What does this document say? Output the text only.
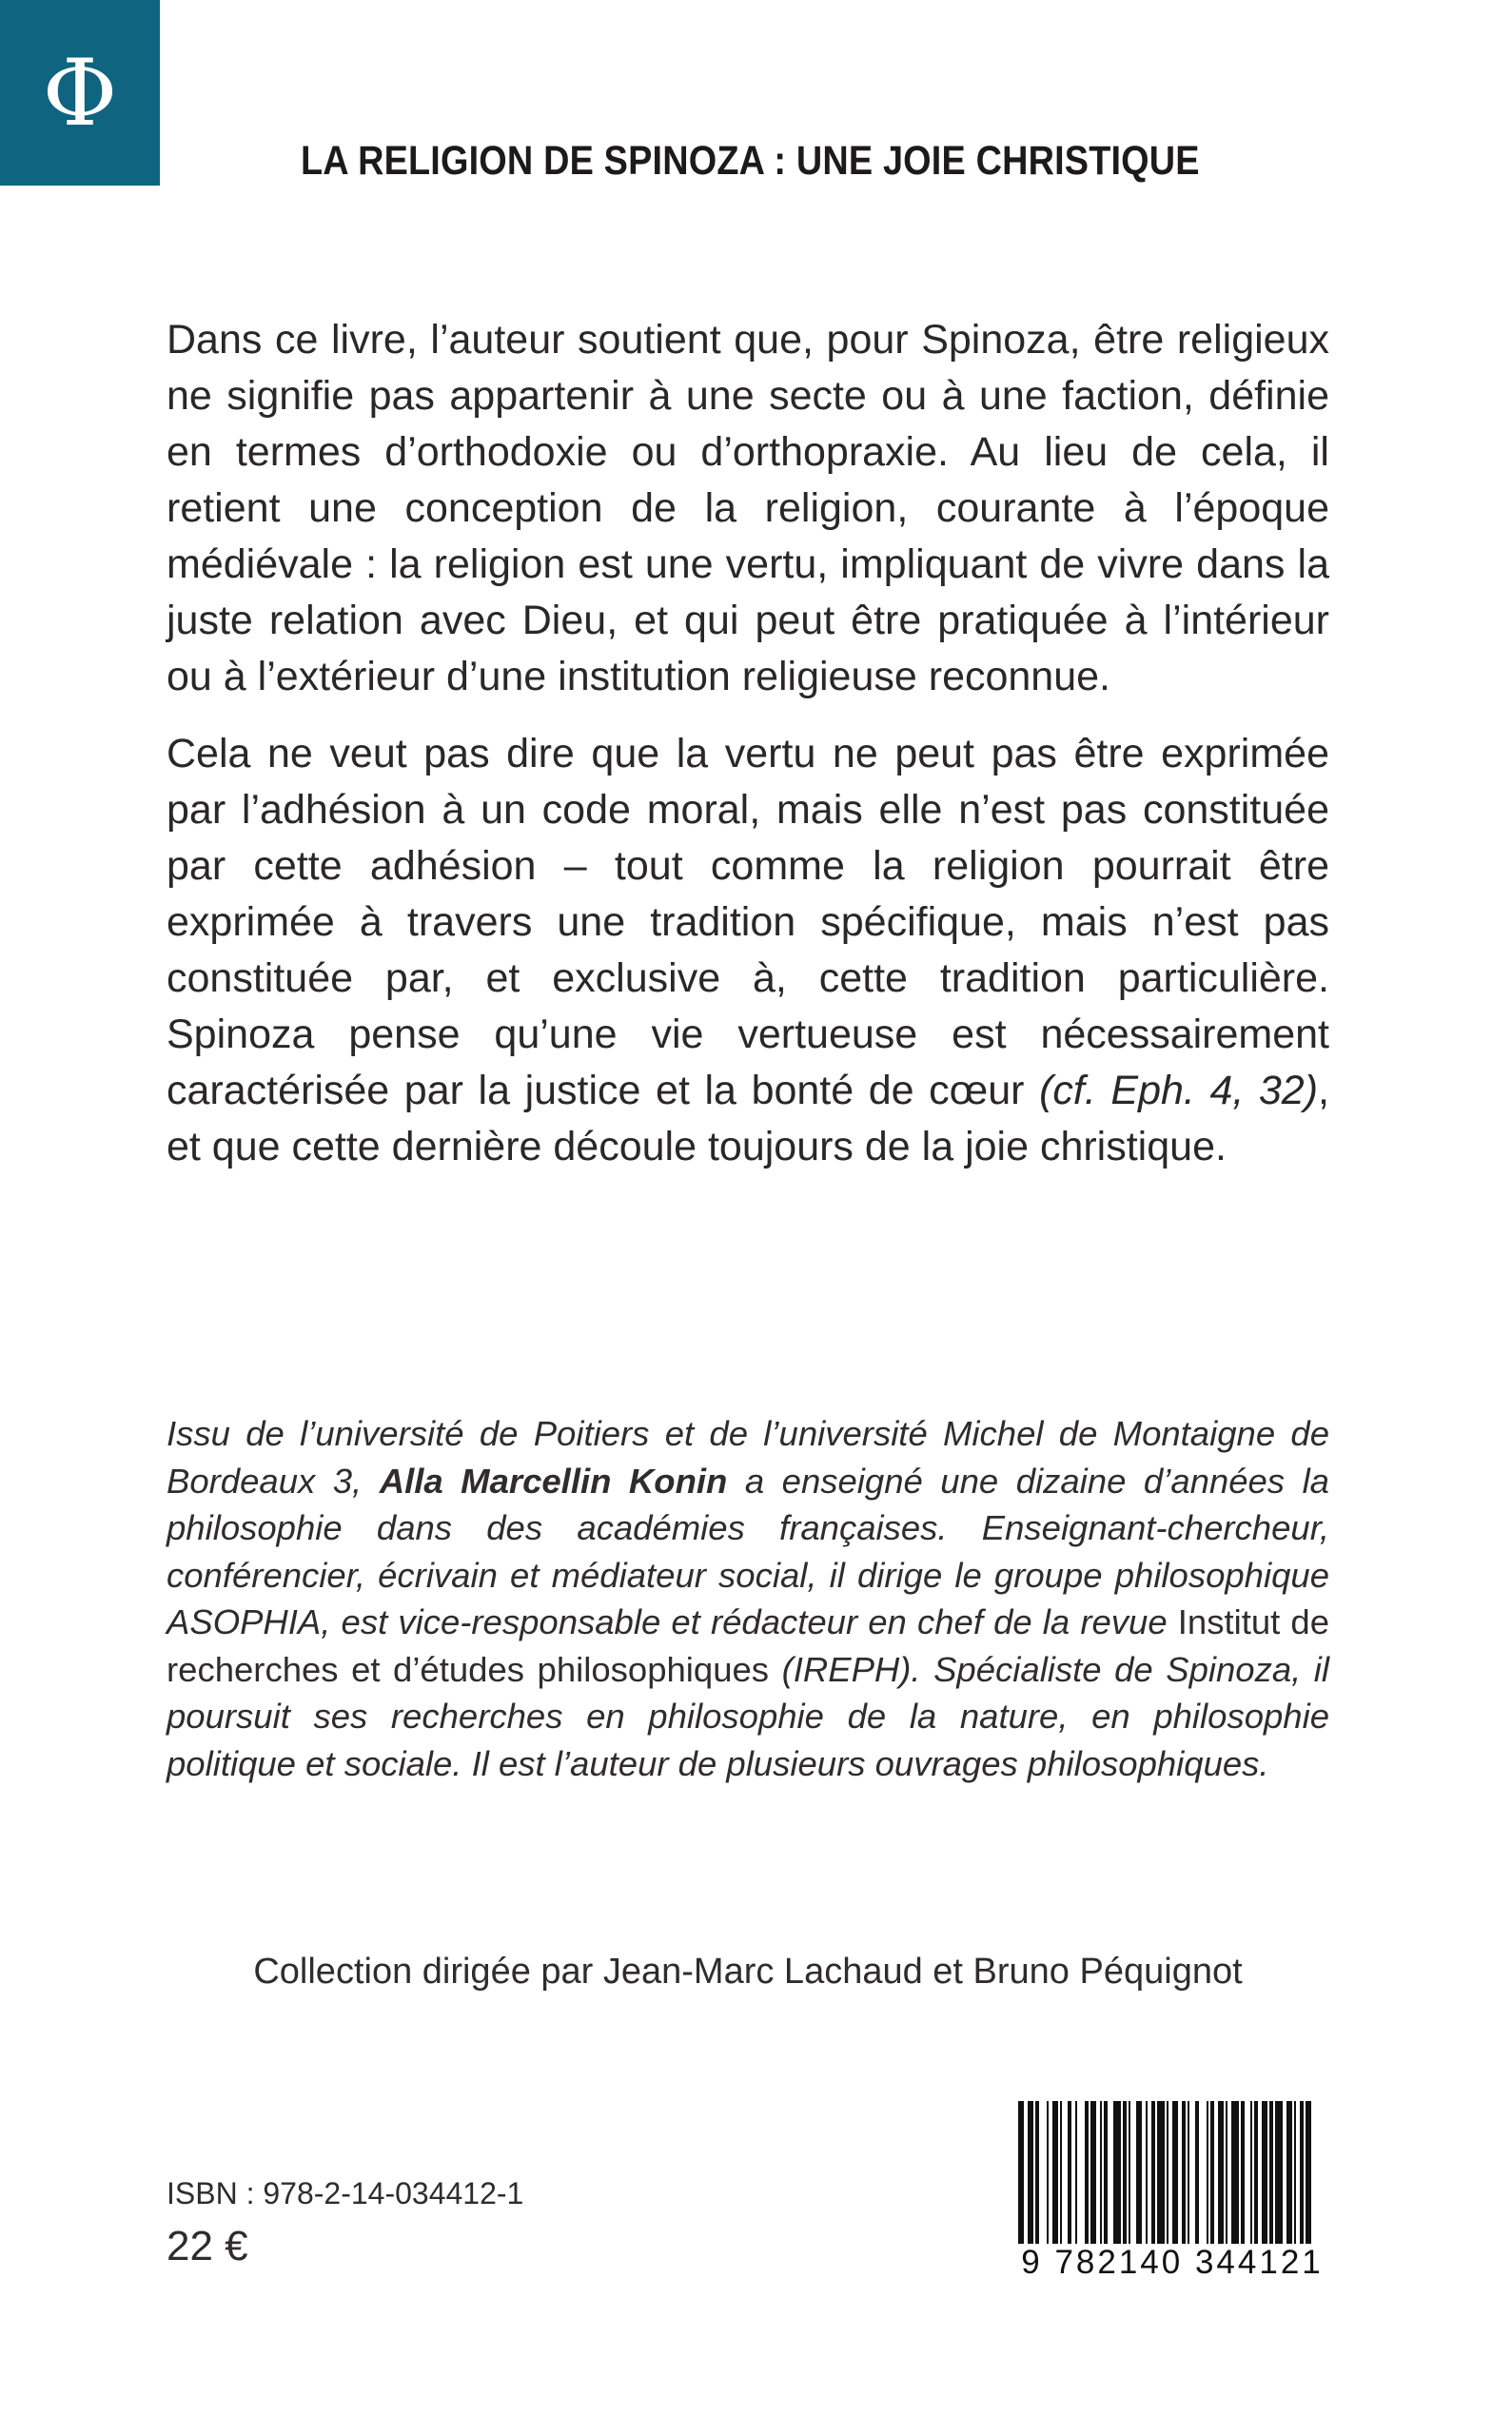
Φ
LA RELIGION DE SPINOZA : UNE JOIE CHRISTIQUE

Dans ce livre, l’auteur soutient que, pour Spinoza, être religieux ne signifie pas appartenir à une secte ou à une faction, définie en termes d’orthodoxie ou d’orthopraxie. Au lieu de cela, il retient une conception de la religion, courante à l’époque médiévale : la religion est une vertu, impliquant de vivre dans la juste relation avec Dieu, et qui peut être pratiquée à l’intérieur ou à l’extérieur d’une institution religieuse reconnue.

Cela ne veut pas dire que la vertu ne peut pas être exprimée par l’adhésion à un code moral, mais elle n’est pas constituée par cette adhésion – tout comme la religion pourrait être exprimée à travers une tradition spécifique, mais n’est pas constituée par, et exclusive à, cette tradition particulière. Spinoza pense qu’une vie vertueuse est nécessairement caractérisée par la justice et la bonté de cœur (cf. Eph. 4, 32), et que cette dernière découle toujours de la joie christique.

Issu de l’université de Poitiers et de l’université Michel de Montaigne de Bordeaux 3, Alla Marcellin Konin a enseigné une dizaine d’années la philosophie dans des académies françaises. Enseignant-chercheur, conférencier, écrivain et médiateur social, il dirige le groupe philosophique ASOPHIA, est vice-responsable et rédacteur en chef de la revue Institut de recherches et d’études philosophiques (IREPH). Spécialiste de Spinoza, il poursuit ses recherches en philosophie de la nature, en philosophie politique et sociale. Il est l’auteur de plusieurs ouvrages philosophiques.

Collection dirigée par Jean-Marc Lachaud et Bruno Péquignot
ISBN : 978-2-14-034412-1
22 €	9 782140 344121
